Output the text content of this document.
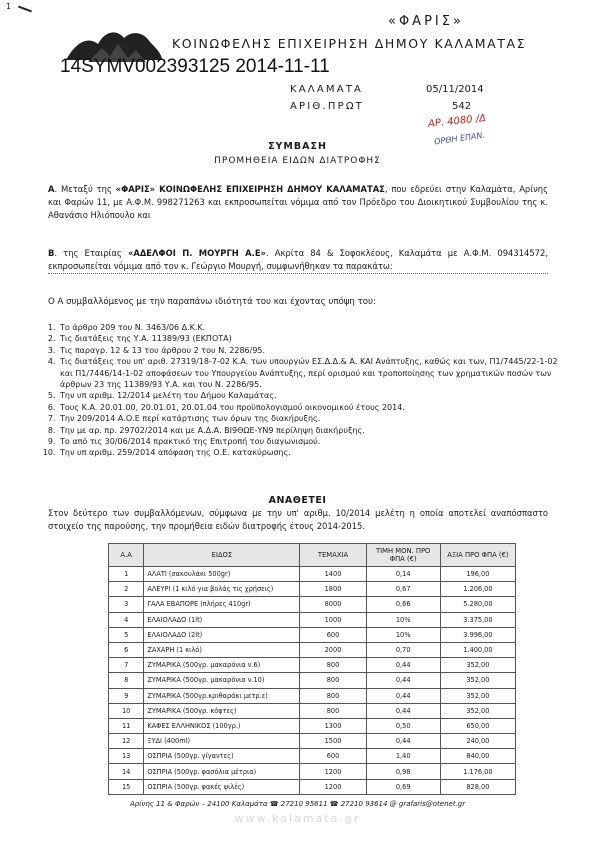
1
«ΦΑΡΙΣ»
ΚΟΙΝΩΦΕΛΗΣ ΕΠΙΧΕΙΡΗΣΗ ΔΗΜΟΥ ΚΑΛΑΜΑΤΑΣ
14SYMV002393125 2014-11-11
ΚΑΛΑΜΑΤΑ	05/11/2014
ΑΡΙΘ.ΠΡΩΤ	542
ΑΡ. 4080 /Δ
ΟΡΘΗ ΕΠΑΝ.
ΣΥΜΒΑΣΗ
ΠΡΟΜΗΘΕΙΑ ΕΙΔΩΝ ΔΙΑΤΡΟΦΗΣ
Α. Μεταξύ της «ΦΑΡΙΣ» ΚΟΙΝΩΦΕΛΗΣ ΕΠΙΧΕΙΡΗΣΗ ΔΗΜΟΥ ΚΑΛΑΜΑΤΑΣ, που εδρεύει στην Καλαμάτα, Αρίνης και Φαρών 11, με Α.Φ.Μ. 998271263 και εκπροσωπείται νόμιμα από τον Πρόεδρο του Διοικητικού Συμβουλίου της κ. Αθανάσιο Ηλιόπουλο και
Β. της Εταιρίας «ΑΔΕΛΦΟΙ Π. ΜΟΥΡΓΗ Α.Ε». Ακρίτα 84 & Σοφοκλέους, Καλαμάτα με Α.Φ.Μ. 094314572, εκπροσωπείται νόμιμα από τον κ. Γεώργιο Μουργή, συμφωνήθηκαν τα παρακάτω:
Ο Α συμβαλλόμενος με την παραπάνω ιδιότητά του και έχοντας υπόψη του:
1. Το άρθρο 209 του Ν. 3463/06 Δ.Κ.Κ.
2. Τις διατάξεις της Υ.Α. 11389/93 (ΕΚΠΟΤΑ)
3. Τις παραγρ. 12 & 13 του άρθρου 2 του Ν. 2286/95.
4. Τις διατάξεις του υπ' αριθ. 27319/18-7-02 Κ.Α. των υπουργών ΕΣ.Δ.Δ.& Α. ΚΑΙ Ανάπτυξης, καθώς και των, Π1/7445/22-1-02 και Π1/7446/14-1-02 αποφάσεων του Υπουργείου Ανάπτυξης, περί ορισμού και τροποποίησης των χρηματικών ποσών των άρθρων 23 της 11389/93 Υ.Α. και του Ν. 2286/95.
5. Την υπ αριθμ. 12/2014 μελέτη του Δήμου Καλαμάτας.
6. Τους Κ.Α. 20.01.00, 20.01.01, 20.01.04 του προϋπολογισμού οικονομικού έτους 2014.
7. Την 209/2014 Α.Ο.Ε περί κατάρτισης των όρων της διακήρυξης.
8. Την με αρ. πρ. 29702/2014 και με Α.Δ.Α. ΒΙ9ΘΩΕ-ΥΝ9 περίληψη διακήρυξης.
9. Το από τις 30/06/2014 πρακτικό της Επιτροπή του διαγωνισμού.
10. Την υπ αριθμ. 259/2014 απόφαση της Ο.Ε. κατακύρωσης.
ΑΝΑΘΕΤΕΙ
Στον δεύτερο των συμβαλλόμενων, σύμφωνα με την υπ' αριθμ. 10/2014 μελέτη η οποία αποτελεί αναπόσπαστο στοιχείο της παρούσης, την προμήθεια ειδών διατροφής έτους 2014-2015.
Α.Α	ΕΙΔΟΣ	ΤΕΜΑΧΙΑ	ΤΙΜΗ ΜΟΝ. ΠΡΟ ΦΠΑ (€)	ΑΞΙΑ ΠΡΟ ΦΠΑ (€)
1	ΑΛΑΤΙ (σακουλάκι 500gr)	1400	0,14	196,00
2	ΑΛΕΥΡΙ (1 κιλό για βολάς τις χρήσεις)	1800	0,67	1.206,00
3	ΓΑΛΑ ΕΒΑΠΟΡΕ (πλήρες 410gr)	8000	0,66	5.280,00
4	ΕΛΑΙΟΛΑΔΟ (1lt)	1000	10%	3.375,00
5	ΕΛΑΙΟΛΑΔΟ (2lt)	600	10%	3.996,00
6	ΖΑΧΑΡΗ (1 κιλό)	2000	0,70	1.400,00
7	ΖΥΜΑΡΙΚΑ (500γρ. μακαρόνια ν.6)	800	0,44	352,00
8	ΖΥΜΑΡΙΚΑ (500γρ. μακαρόνια ν.10)	800	0,44	352,00
9	ΖΥΜΑΡΙΚΑ (500γρ.κριθαράκι μετρ.ε)	800	0,44	352,00
10	ΖΥΜΑΡΙΚΑ (500γρ. κόφτες)	800	0,44	352,00
11	ΚΑΦΕΣ ΕΛΛΗΝΙΚΟΣ (100γρ.)	1300	0,50	650,00
12	ΞΥΔΙ (400ml)	1500	0,44	240,00
13	ΟΣΠΡΙΑ (500γρ. γίγαντες)	600	1,40	840,00
14	ΟΣΠΡΙΑ (500γρ. φασόλια μέτρια)	1200	0,98	1.176,00
15	ΟΣΠΡΙΑ (500γρ. φακές ψιλές)	1200	0,69	828,00
Αρίνης 11 & Φαρών – 24100 Καλαμάτα ☎ 27210 95611 ☎ 27210 93614 @ grafaris@otenet.gr
www.kalamata.gr
